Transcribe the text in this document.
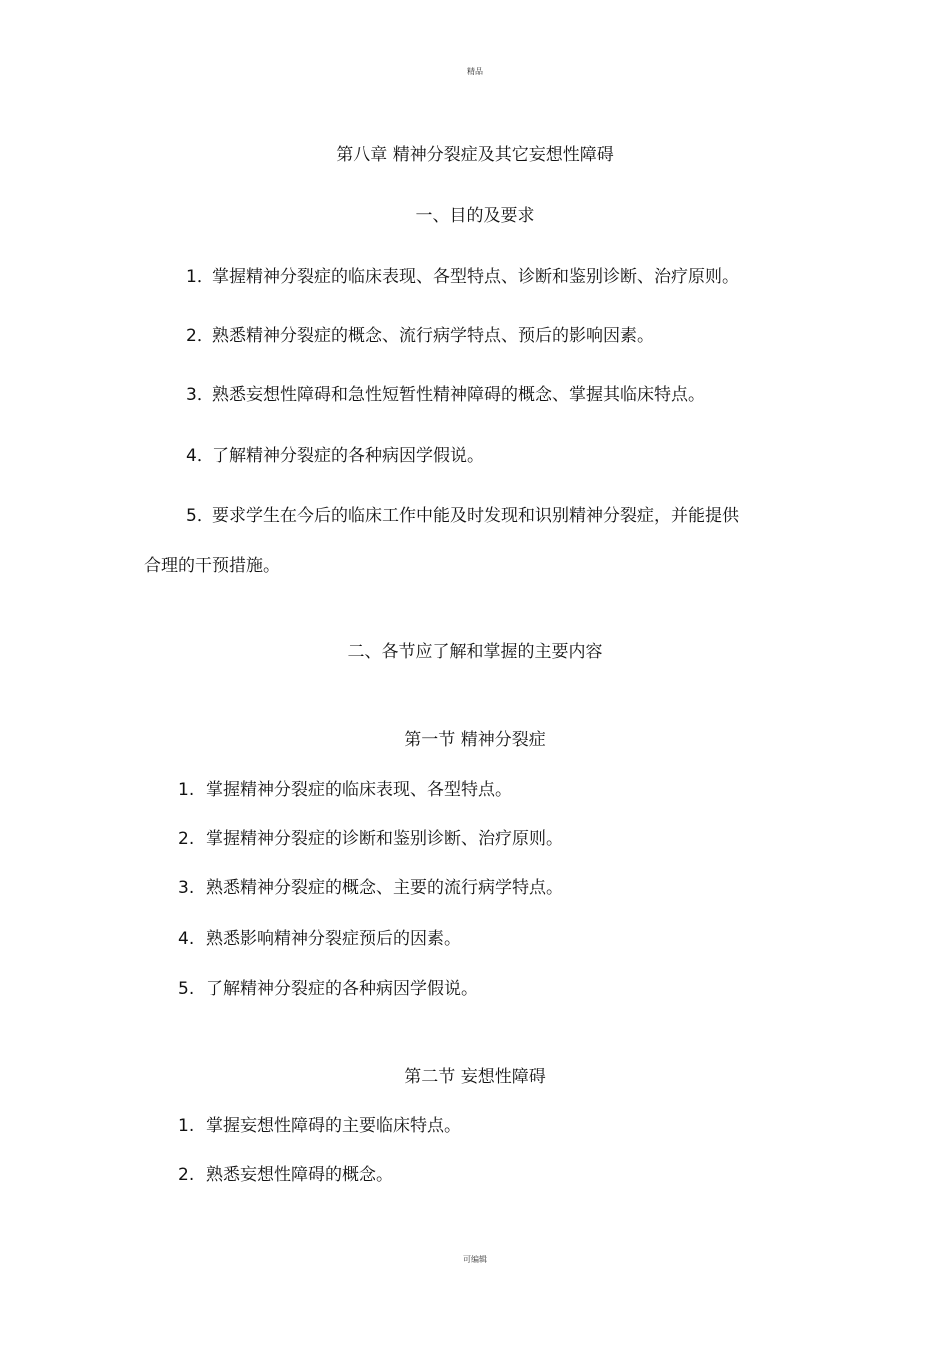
精品
第八章 精神分裂症及其它妄想性障碍
一、目的及要求
1．掌握精神分裂症的临床表现、各型特点、诊断和鉴别诊断、治疗原则。
2．熟悉精神分裂症的概念、流行病学特点、预后的影响因素。
3．熟悉妄想性障碍和急性短暂性精神障碍的概念、掌握其临床特点。
4．了解精神分裂症的各种病因学假说。
5．要求学生在今后的临床工作中能及时发现和识别精神分裂症，并能提供
合理的干预措施。
二、各节应了解和掌握的主要内容
第一节 精神分裂症
1. 掌握精神分裂症的临床表现、各型特点。
2. 掌握精神分裂症的诊断和鉴别诊断、治疗原则。
3. 熟悉精神分裂症的概念、主要的流行病学特点。
4. 熟悉影响精神分裂症预后的因素。
5. 了解精神分裂症的各种病因学假说。
第二节 妄想性障碍
1. 掌握妄想性障碍的主要临床特点。
2. 熟悉妄想性障碍的概念。
可编辑
